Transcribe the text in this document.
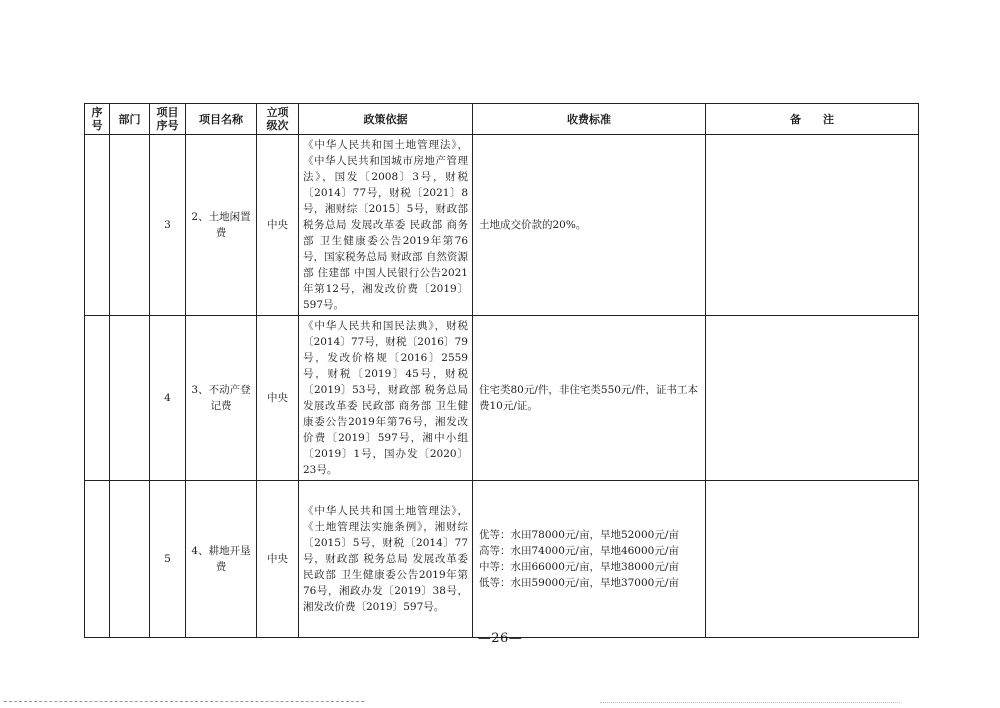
序号	部门	项目序号	项目名称	立项级次	政策依据	收费标准	备　　注
		3	2、土地闲置费	中央	《中华人民共和国土地管理法》，《中华人民共和国城市房地产管理法》，国发〔2008〕3号，财税〔2014〕77号，财税〔2021〕8号，湘财综〔2015〕5号，财政部 税务总局 发展改革委 民政部 商务部 卫生健康委公告2019年第76号，国家税务总局 财政部 自然资源部 住建部 中国人民银行公告2021年第12号，湘发改价费〔2019〕597号。	土地成交价款的20%。	

		4	3、不动产登记费	中央	《中华人民共和国民法典》，财税〔2014〕77号，财税〔2016〕79号，发改价格规〔2016〕2559号，财税〔2019〕45号，财税〔2019〕53号，财政部 税务总局 发展改革委 民政部 商务部 卫生健康委公告2019年第76号，湘发改价费〔2019〕597号，湘中小组〔2019〕1号，国办发〔2020〕23号。	住宅类80元/件，非住宅类550元/件，证书工本费10元/证。	

		5	4、耕地开垦费	中央	《中华人民共和国土地管理法》，《土地管理法实施条例》，湘财综〔2015〕5号，财税〔2014〕77号，财政部 税务总局 发展改革委 民政部 卫生健康委公告2019年第76号，湘政办发〔2019〕38号，湘发改价费〔2019〕597号。	优等：水田78000元/亩，旱地52000元/亩
高等：水田74000元/亩，旱地46000元/亩
中等：水田66000元/亩，旱地38000元/亩
低等：水田59000元/亩，旱地37000元/亩	

—26—
